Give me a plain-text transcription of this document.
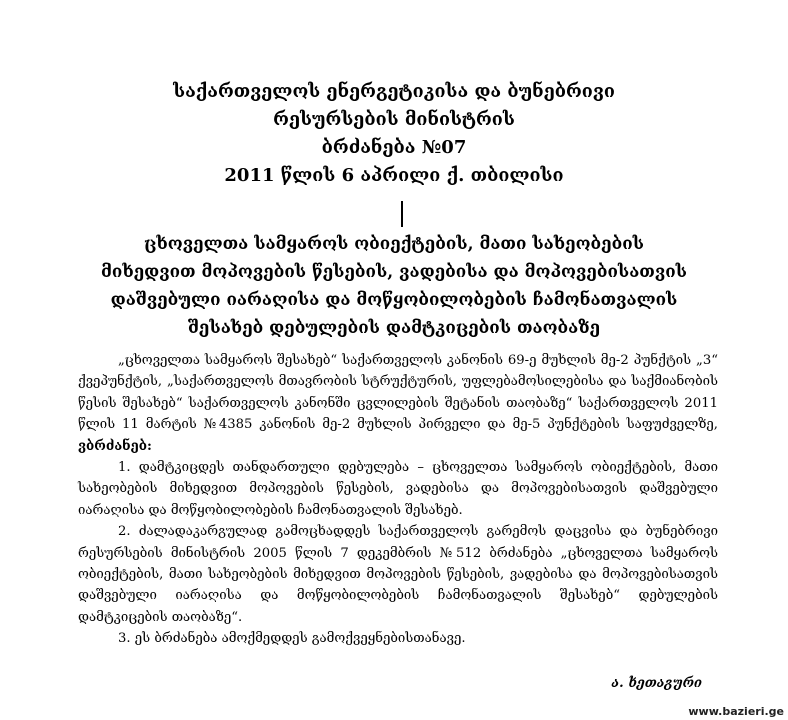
საქართველოს ენერგეტიკისა და ბუნებრივი
რესურსების მინისტრის
ბრძანება №07
2011 წლის 6 აპრილი ქ. თბილისი
ცხოველთა სამყაროს ობიექტების, მათი სახეობების
მიხედვით მოპოვების წესების, ვადებისა და მოპოვებისათვის
დაშვებული იარაღისა და მოწყობილობების ჩამონათვალის
შესახებ დებულების დამტკიცების თაობაზე

„ცხოველთა სამყაროს შესახებ“ საქართველოს კანონის 69-ე მუხლის მე-2 პუნქტის „3“ ქვეპუნქტის, „საქართველოს მთავრობის სტრუქტურის, უფლებამოსილებისა და საქმიანობის წესის შესახებ“ საქართველოს კანონში ცვლილების შეტანის თაობაზე“ საქართველოს 2011 წლის 11 მარტის №4385 კანონის მე-2 მუხლის პირველი და მე-5 პუნქტების საფუძველზე, ვბრძანებ:

1. დამტკიცდეს თანდართული დებულება – ცხოველთა სამყაროს ობიექტების, მათი სახეობების მიხედვით მოპოვების წესების, ვადებისა და მოპოვებისათვის დაშვებული იარაღისა და მოწყობილობების ჩამონათვალის შესახებ.

2. ძალადაკარგულად გამოცხადდეს საქართველოს გარემოს დაცვისა და ბუნებრივი რესურსების მინისტრის 2005 წლის 7 დეკემბრის №512 ბრძანება „ცხოველთა სამყაროს ობიექტების, მათი სახეობების მიხედვით მოპოვების წესების, ვადებისა და მოპოვებისათვის დაშვებული იარაღისა და მოწყობილობების ჩამონათვალის შესახებ“ დებულების დამტკიცების თაობაზე“.

3. ეს ბრძანება ამოქმედდეს გამოქვეყნებისთანავე.

ა. ხეთაგური
www.bazieri.ge
